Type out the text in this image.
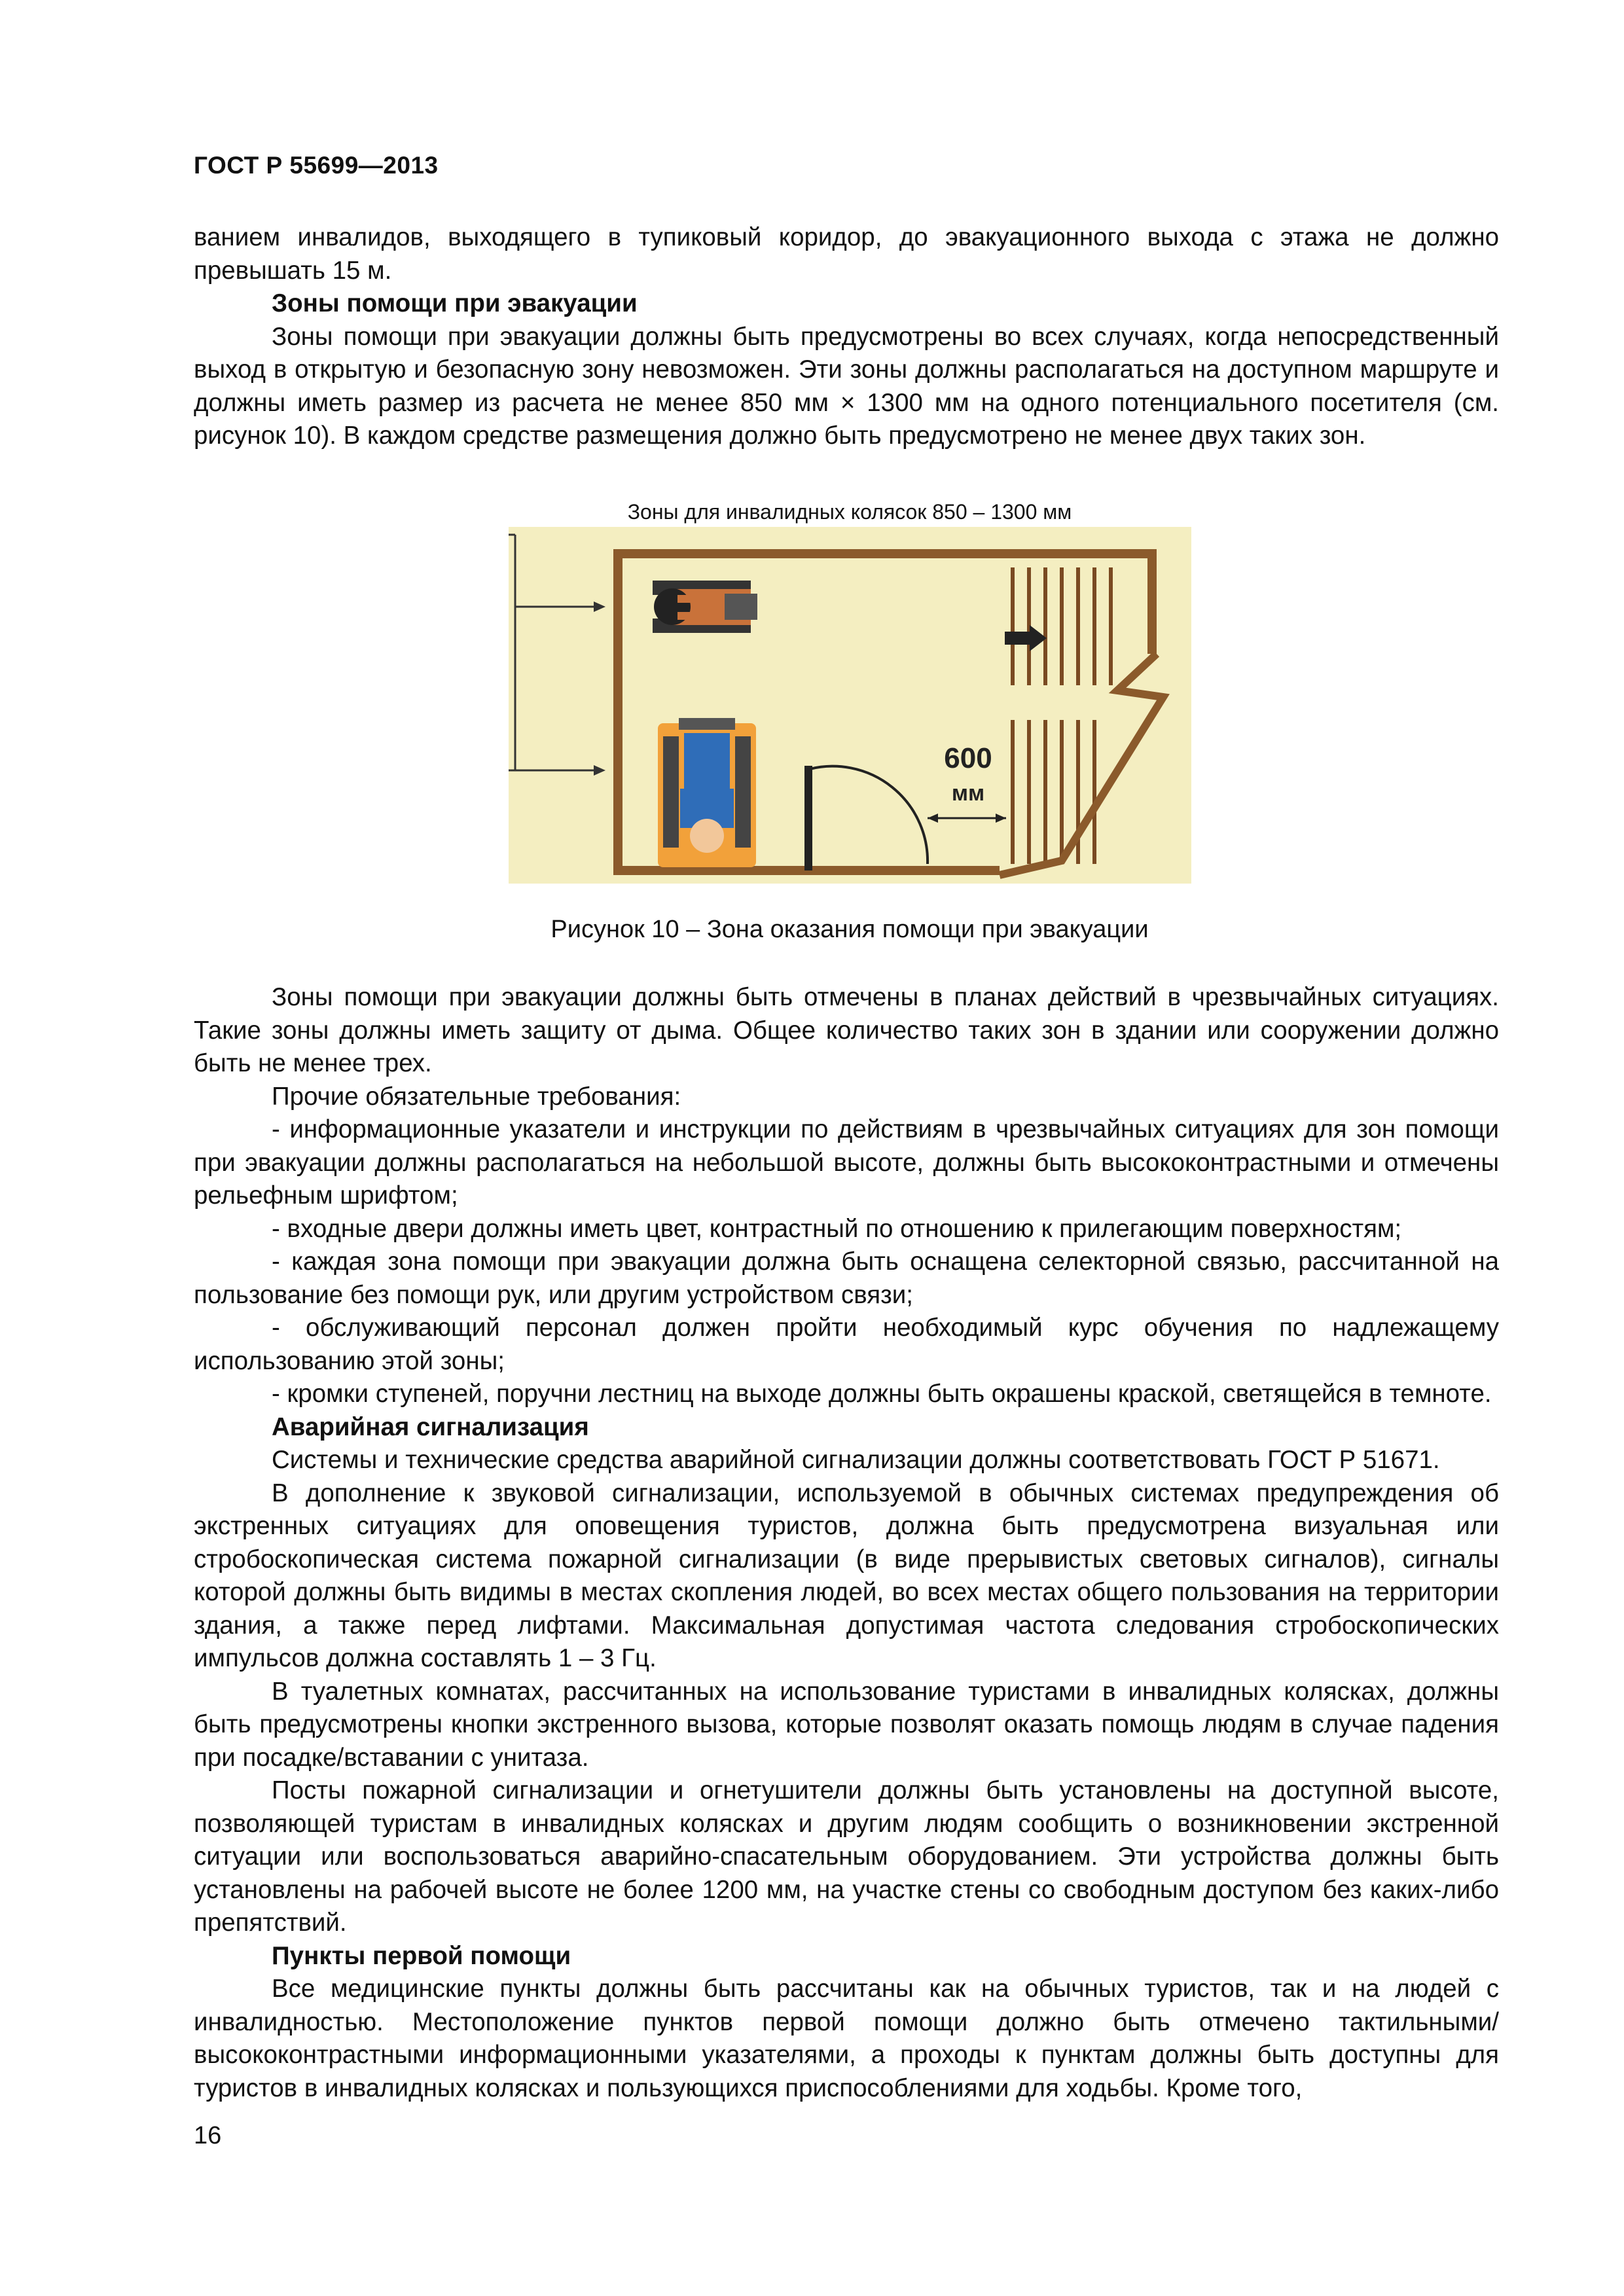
ГОСТ Р 55699—2013

ванием инвалидов, выходящего в тупиковый коридор, до эвакуационного выхода с этажа не должно превышать 15 м.

Зоны помощи при эвакуации

Зоны помощи при эвакуации должны быть предусмотрены во всех случаях, когда непосредственный выход в открытую и безопасную зону невозможен. Эти зоны должны располагаться на доступном маршруте и должны иметь размер из расчета не менее 850 мм × 1300 мм на одного потенциального посетителя (см. рисунок 10). В каждом средстве размещения должно быть предусмотрено не менее двух таких зон.

Зоны для инвалидных колясок 850 – 1300 мм
600
мм
Рисунок 10 – Зона оказания помощи при эвакуации

Зоны помощи при эвакуации должны быть отмечены в планах действий в чрезвычайных ситуациях. Такие зоны должны иметь защиту от дыма. Общее количество таких зон в здании или сооружении должно быть не менее трех.

Прочие обязательные требования:

- информационные указатели и инструкции по действиям в чрезвычайных ситуациях для зон помощи при эвакуации должны располагаться на небольшой высоте, должны быть высококонтрастными и отмечены рельефным шрифтом;

- входные двери должны иметь цвет, контрастный по отношению к прилегающим поверхностям;

- каждая зона помощи при эвакуации должна быть оснащена селекторной связью, рассчитанной на пользование без помощи рук, или другим устройством связи;

- обслуживающий персонал должен пройти необходимый курс обучения по надлежащему использованию этой зоны;

- кромки ступеней, поручни лестниц на выходе должны быть окрашены краской, светящейся в темноте.

Аварийная сигнализация

Системы и технические средства аварийной сигнализации должны соответствовать ГОСТ Р 51671.

В дополнение к звуковой сигнализации, используемой в обычных системах предупреждения об экстренных ситуациях для оповещения туристов, должна быть предусмотрена визуальная или стробоскопическая система пожарной сигнализации (в виде прерывистых световых сигналов), сигналы которой должны быть видимы в местах скопления людей, во всех местах общего пользования на территории здания, а также перед лифтами. Максимальная допустимая частота следования стробоскопических импульсов должна составлять 1 – 3 Гц.

В туалетных комнатах, рассчитанных на использование туристами в инвалидных колясках, должны быть предусмотрены кнопки экстренного вызова, которые позволят оказать помощь людям в случае падения при посадке/вставании с унитаза.

Посты пожарной сигнализации и огнетушители должны быть установлены на доступной высоте, позволяющей туристам в инвалидных колясках и другим людям сообщить о возникновении экстренной ситуации или воспользоваться аварийно-спасательным оборудованием. Эти устройства должны быть установлены на рабочей высоте не более 1200 мм, на участке стены со свободным доступом без каких-либо препятствий.

Пункты первой помощи

Все медицинские пункты должны быть рассчитаны как на обычных туристов, так и на людей с инвалидностью. Местоположение пунктов первой помощи должно быть отмечено тактильными/высококонтрастными информационными указателями, а проходы к пунктам должны быть доступны для туристов в инвалидных колясках и пользующихся приспособлениями для ходьбы. Кроме того,

16
